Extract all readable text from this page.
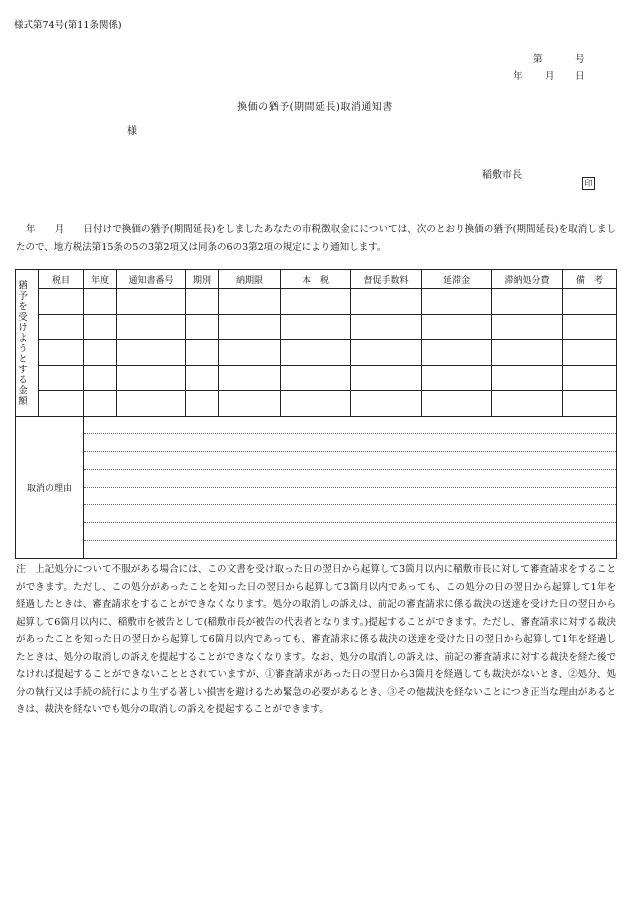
様式第74号(第11条関係)
第	号
年 月 日
換価の猶予(期間延長)取消通知書
様
稲敷市長
印
年　　月　　日付けで換価の猶予(期間延長)をしましたあなたの市税徴収金にについては、次のとおり換価の猶予(期間延長)を取消しましたので、地方税法第15条の5の3第2項又は同条の6の3第2項の規定により通知します。
猶予を受けようとする金額	税目	年度	通知書番号	期別	納期限	本　税	督促手数料	延滞金	滞納処分費	備　考

取消の理由										
注　上記処分について不服がある場合には、この文書を受け取った日の翌日から起算して3箇月以内に稲敷市長に対して審査請求をすることができます。ただし、この処分があったことを知った日の翌日から起算して3箇月以内であっても、この処分の日の翌日から起算して1年を経過したときは、審査請求をすることができなくなります。処分の取消しの訴えは、前記の審査請求に係る裁決の送達を受けた日の翌日から起算して6箇月以内に、稲敷市を被告として(稲敷市長が被告の代表者となります。)提起することができます。ただし、審査請求に対する裁決があったことを知った日の翌日から起算して6箇月以内であっても、審査請求に係る裁決の送達を受けた日の翌日から起算して1年を経過したときは、処分の取消しの訴えを提起することができなくなります。なお、処分の取消しの訴えは、前記の審査請求に対する裁決を経た後でなければ提起することができないこととされていますが、①審査請求があった日の翌日から3箇月を経過しても裁決がないとき、②処分、処分の執行又は手続の続行により生ずる著しい損害を避けるため緊急の必要があるとき、③その他裁決を経ないことにつき正当な理由があるときは、裁決を経ないでも処分の取消しの訴えを提起することができます。
